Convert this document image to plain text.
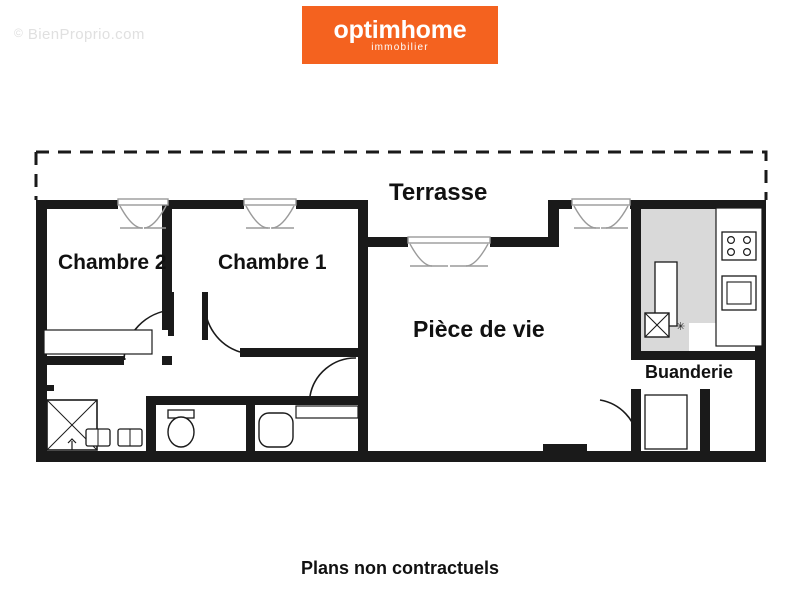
© BienProprio.com	optimhome
immobilier
✳
Terrasse
Chambre 2 Chambre 1
Pièce de vie
Buanderie
Plans non contractuels
